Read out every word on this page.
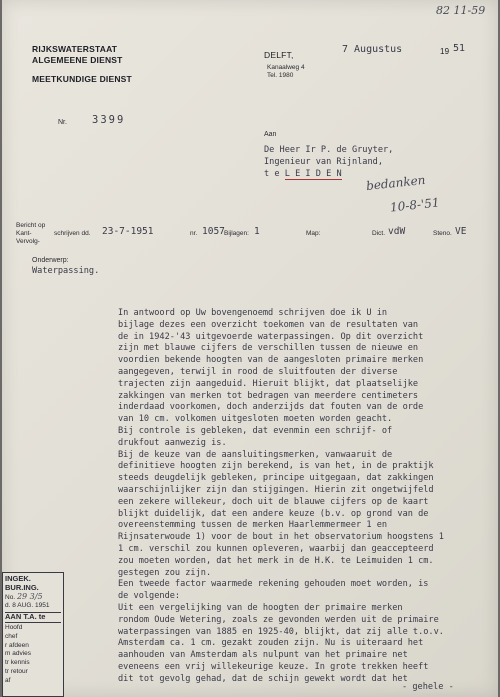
82 11-59
RIJKSWATERSTAAT
ALGEMEENE DIENST
MEETKUNDIGE DIENST
DELFT,
Kanaalweg 4
Tel. 1980
7 Augustus	19 51
Nr. 3399
Aan
De Heer Ir P. de Gruyter,
Ingenieur van Rijnland,
t e L E I D E N	bedanken
10-8-'51
Bericht op
Kant-
Vervolg-
schrijven dd. 23-7-1951	nr. 1057 Bijlagen: 1	Map:	Dict. vdW	Steno. VE
Onderwerp:
Waterpassing.
In antwoord op Uw bovengenoemd schrijven doe ik U in
bijlage dezes een overzicht toekomen van de resultaten van
de in 1942-'43 uitgevoerde waterpassingen. Op dit overzicht
zijn met blauwe cijfers de verschillen tussen de nieuwe en
voordien bekende hoogten van de aangesloten primaire merken
aangegeven, terwijl in rood de sluitfouten der diverse
trajecten zijn aangeduid. Hieruit blijkt, dat plaatselijke
zakkingen van merken tot bedragen van meerdere centimeters
inderdaad voorkomen, doch anderzijds dat fouten van de orde
van 10 cm. volkomen uitgesloten moeten worden geacht.
Bij controle is gebleken, dat evenmin een schrijf- of
drukfout aanwezig is.
Bij de keuze van de aansluitingsmerken, vanwaaruit de
definitieve hoogten zijn berekend, is van het, in de praktijk
steeds deugdelijk gebleken, principe uitgegaan, dat zakkingen
waarschijnlijker zijn dan stijgingen. Hierin zit ongetwijfeld
een zekere willekeur, doch uit de blauwe cijfers op de kaart
blijkt duidelijk, dat een andere keuze (b.v. op grond van de
overeenstemming tussen de merken Haarlemmermeer 1 en
Rijnsaterwoude 1) voor de bout in het observatorium hoogstens 1
1 cm. verschil zou kunnen opleveren, waarbij dan geaccepteerd
zou moeten worden, dat het merk in de H.K. te Leimuiden 1 cm.
gestegen zou zijn.
Een tweede factor waarmede rekening gehouden moet worden, is
de volgende:
Uit een vergelijking van de hoogten der primaire merken
rondom Oude Wetering, zoals ze gevonden werden uit de primaire
waterpassingen van 1885 en 1925-40, blijkt, dat zij alle t.o.v.
Amsterdam ca. 1 cm. gezakt zouden zijn. Nu is uiteraard het
aanhouden van Amsterdam als nulpunt van het primaire net
eveneens een vrij willekeurige keuze. In grote trekken heeft
dit tot gevolg gehad, dat de schijn gewekt wordt dat het
- gehele -
INGEK. BUR.ING.
No. 29 3/5
d. 8 AUG. 1951
AAN T.A. te
Hoofd
chef
r afdeen
m advies
tr kennis
tr retour
af
